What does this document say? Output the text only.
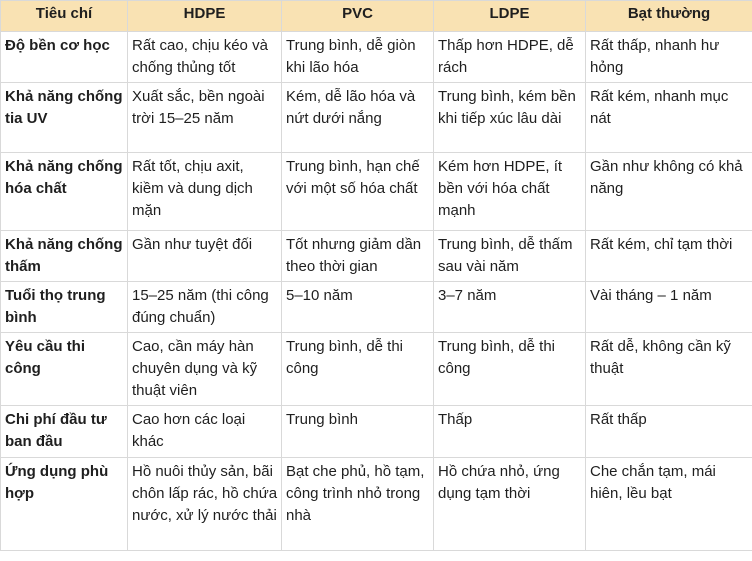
Tiêu chí	HDPE	PVC	LDPE	Bạt thường
Độ bền cơ học	Rất cao, chịu kéo và chống thủng tốt	Trung bình, dễ giòn khi lão hóa	Thấp hơn HDPE, dễ rách	Rất thấp, nhanh hư hỏng
Khả năng chống tia UV	Xuất sắc, bền ngoài trời 15–25 năm	Kém, dễ lão hóa và nứt dưới nắng	Trung bình, kém bền khi tiếp xúc lâu dài	Rất kém, nhanh mục nát
Khả năng chống hóa chất	Rất tốt, chịu axit, kiềm và dung dịch mặn	Trung bình, hạn chế với một số hóa chất	Kém hơn HDPE, ít bền với hóa chất mạnh	Gần như không có khả năng
Khả năng chống thấm	Gần như tuyệt đối	Tốt nhưng giảm dần theo thời gian	Trung bình, dễ thấm sau vài năm	Rất kém, chỉ tạm thời
Tuổi thọ trung bình	15–25 năm (thi công đúng chuẩn)	5–10 năm	3–7 năm	Vài tháng – 1 năm
Yêu cầu thi công	Cao, cần máy hàn chuyên dụng và kỹ thuật viên	Trung bình, dễ thi công	Trung bình, dễ thi công	Rất dễ, không cần kỹ thuật
Chi phí đầu tư ban đầu	Cao hơn các loại khác	Trung bình	Thấp	Rất thấp
Ứng dụng phù hợp	Hồ nuôi thủy sản, bãi chôn lấp rác, hồ chứa nước, xử lý nước thải	Bạt che phủ, hồ tạm, công trình nhỏ trong nhà	Hồ chứa nhỏ, ứng dụng tạm thời	Che chắn tạm, mái hiên, lều bạt
